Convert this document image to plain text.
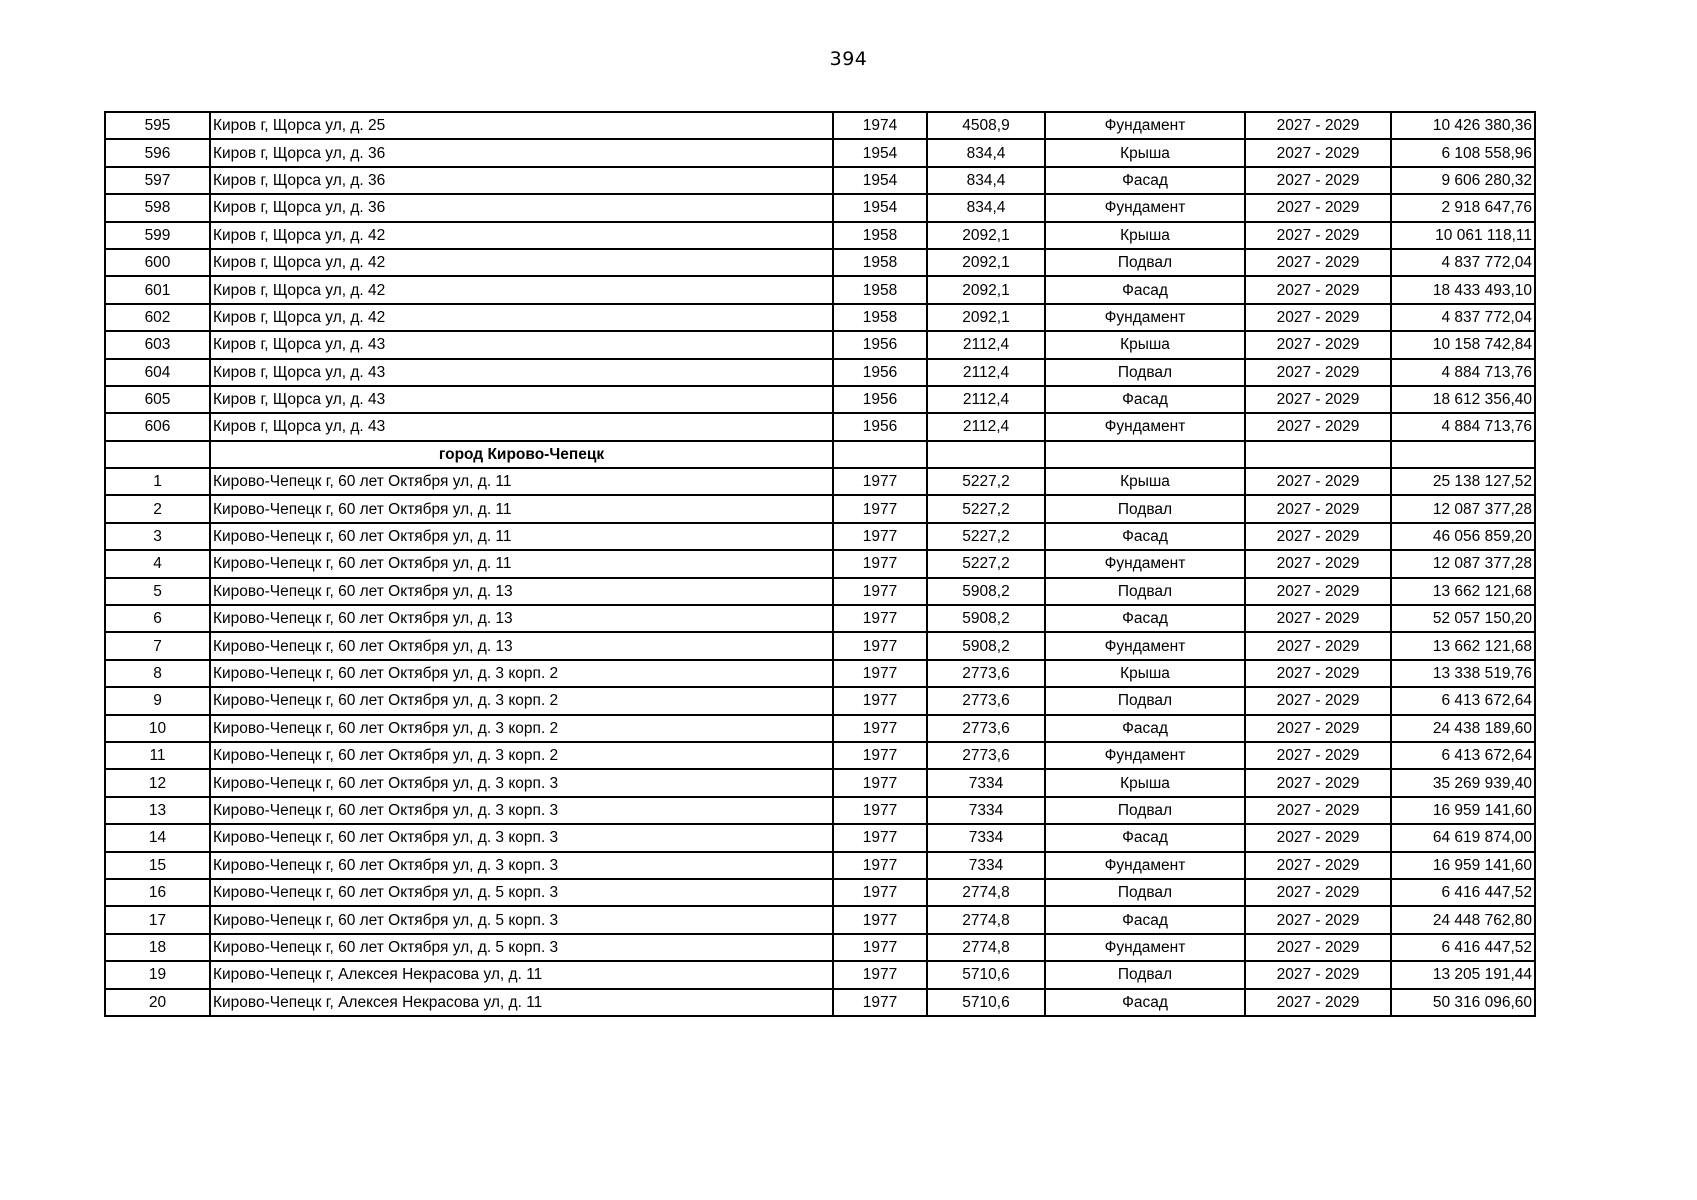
394
595	Киров г, Щорса ул, д. 25	1974	4508,9	Фундамент	2027 - 2029	10 426 380,36
596	Киров г, Щорса ул, д. 36	1954	834,4	Крыша	2027 - 2029	6 108 558,96
597	Киров г, Щорса ул, д. 36	1954	834,4	Фасад	2027 - 2029	9 606 280,32
598	Киров г, Щорса ул, д. 36	1954	834,4	Фундамент	2027 - 2029	2 918 647,76
599	Киров г, Щорса ул, д. 42	1958	2092,1	Крыша	2027 - 2029	10 061 118,11
600	Киров г, Щорса ул, д. 42	1958	2092,1	Подвал	2027 - 2029	4 837 772,04
601	Киров г, Щорса ул, д. 42	1958	2092,1	Фасад	2027 - 2029	18 433 493,10
602	Киров г, Щорса ул, д. 42	1958	2092,1	Фундамент	2027 - 2029	4 837 772,04
603	Киров г, Щорса ул, д. 43	1956	2112,4	Крыша	2027 - 2029	10 158 742,84
604	Киров г, Щорса ул, д. 43	1956	2112,4	Подвал	2027 - 2029	4 884 713,76
605	Киров г, Щорса ул, д. 43	1956	2112,4	Фасад	2027 - 2029	18 612 356,40
606	Киров г, Щорса ул, д. 43	1956	2112,4	Фундамент	2027 - 2029	4 884 713,76
	город Кирово-Чепецк					
1	Кирово-Чепецк г, 60 лет Октября ул, д. 11	1977	5227,2	Крыша	2027 - 2029	25 138 127,52
2	Кирово-Чепецк г, 60 лет Октября ул, д. 11	1977	5227,2	Подвал	2027 - 2029	12 087 377,28
3	Кирово-Чепецк г, 60 лет Октября ул, д. 11	1977	5227,2	Фасад	2027 - 2029	46 056 859,20
4	Кирово-Чепецк г, 60 лет Октября ул, д. 11	1977	5227,2	Фундамент	2027 - 2029	12 087 377,28
5	Кирово-Чепецк г, 60 лет Октября ул, д. 13	1977	5908,2	Подвал	2027 - 2029	13 662 121,68
6	Кирово-Чепецк г, 60 лет Октября ул, д. 13	1977	5908,2	Фасад	2027 - 2029	52 057 150,20
7	Кирово-Чепецк г, 60 лет Октября ул, д. 13	1977	5908,2	Фундамент	2027 - 2029	13 662 121,68
8	Кирово-Чепецк г, 60 лет Октября ул, д. 3 корп. 2	1977	2773,6	Крыша	2027 - 2029	13 338 519,76
9	Кирово-Чепецк г, 60 лет Октября ул, д. 3 корп. 2	1977	2773,6	Подвал	2027 - 2029	6 413 672,64
10	Кирово-Чепецк г, 60 лет Октября ул, д. 3 корп. 2	1977	2773,6	Фасад	2027 - 2029	24 438 189,60
11	Кирово-Чепецк г, 60 лет Октября ул, д. 3 корп. 2	1977	2773,6	Фундамент	2027 - 2029	6 413 672,64
12	Кирово-Чепецк г, 60 лет Октября ул, д. 3 корп. 3	1977	7334	Крыша	2027 - 2029	35 269 939,40
13	Кирово-Чепецк г, 60 лет Октября ул, д. 3 корп. 3	1977	7334	Подвал	2027 - 2029	16 959 141,60
14	Кирово-Чепецк г, 60 лет Октября ул, д. 3 корп. 3	1977	7334	Фасад	2027 - 2029	64 619 874,00
15	Кирово-Чепецк г, 60 лет Октября ул, д. 3 корп. 3	1977	7334	Фундамент	2027 - 2029	16 959 141,60
16	Кирово-Чепецк г, 60 лет Октября ул, д. 5 корп. 3	1977	2774,8	Подвал	2027 - 2029	6 416 447,52
17	Кирово-Чепецк г, 60 лет Октября ул, д. 5 корп. 3	1977	2774,8	Фасад	2027 - 2029	24 448 762,80
18	Кирово-Чепецк г, 60 лет Октября ул, д. 5 корп. 3	1977	2774,8	Фундамент	2027 - 2029	6 416 447,52
19	Кирово-Чепецк г, Алексея Некрасова ул, д. 11	1977	5710,6	Подвал	2027 - 2029	13 205 191,44
20	Кирово-Чепецк г, Алексея Некрасова ул, д. 11	1977	5710,6	Фасад	2027 - 2029	50 316 096,60
